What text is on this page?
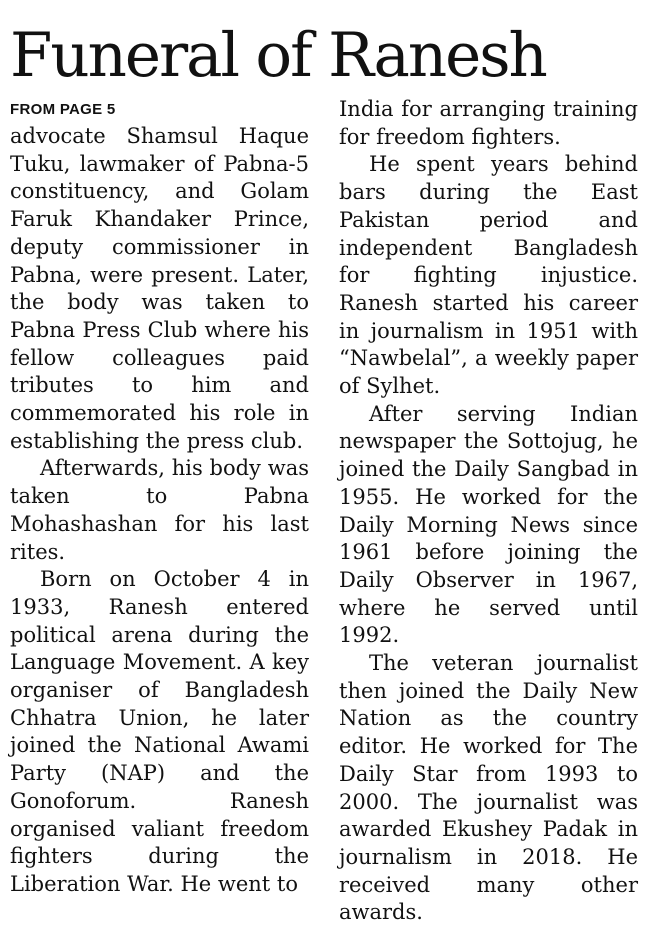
Funeral of Ranesh
FROM PAGE 5

advocate Shamsul Haque Tuku, lawmaker of Pabna-5 constituency, and Golam Faruk Khandaker Prince, deputy commissioner in Pabna, were present. Later, the body was taken to Pabna Press Club where his fellow colleagues paid tributes to him and commemorated his role in establishing the press club.

Afterwards, his body was taken to Pabna Mohashashan for his last rites.

Born on October 4 in 1933, Ranesh entered political arena during the Language Movement. A key organiser of Bangladesh Chhatra Union, he later joined the National Awami Party (NAP) and the Gonoforum. Ranesh organised valiant freedom fighters during the Liberation War. He went to

India for arranging training for freedom fighters.

He spent years behind bars during the East Pakistan period and independent Bangladesh for fighting injustice. Ranesh started his career in journalism in 1951 with “Nawbelal”, a weekly paper of Sylhet.

After serving Indian newspaper the Sottojug, he joined the Daily Sangbad in 1955. He worked for the Daily Morning News since 1961 before joining the Daily Observer in 1967, where he served until 1992.

The veteran journalist then joined the Daily New Nation as the country editor. He worked for The Daily Star from 1993 to 2000. The journalist was awarded Ekushey Padak in journalism in 2018. He received many other awards.
